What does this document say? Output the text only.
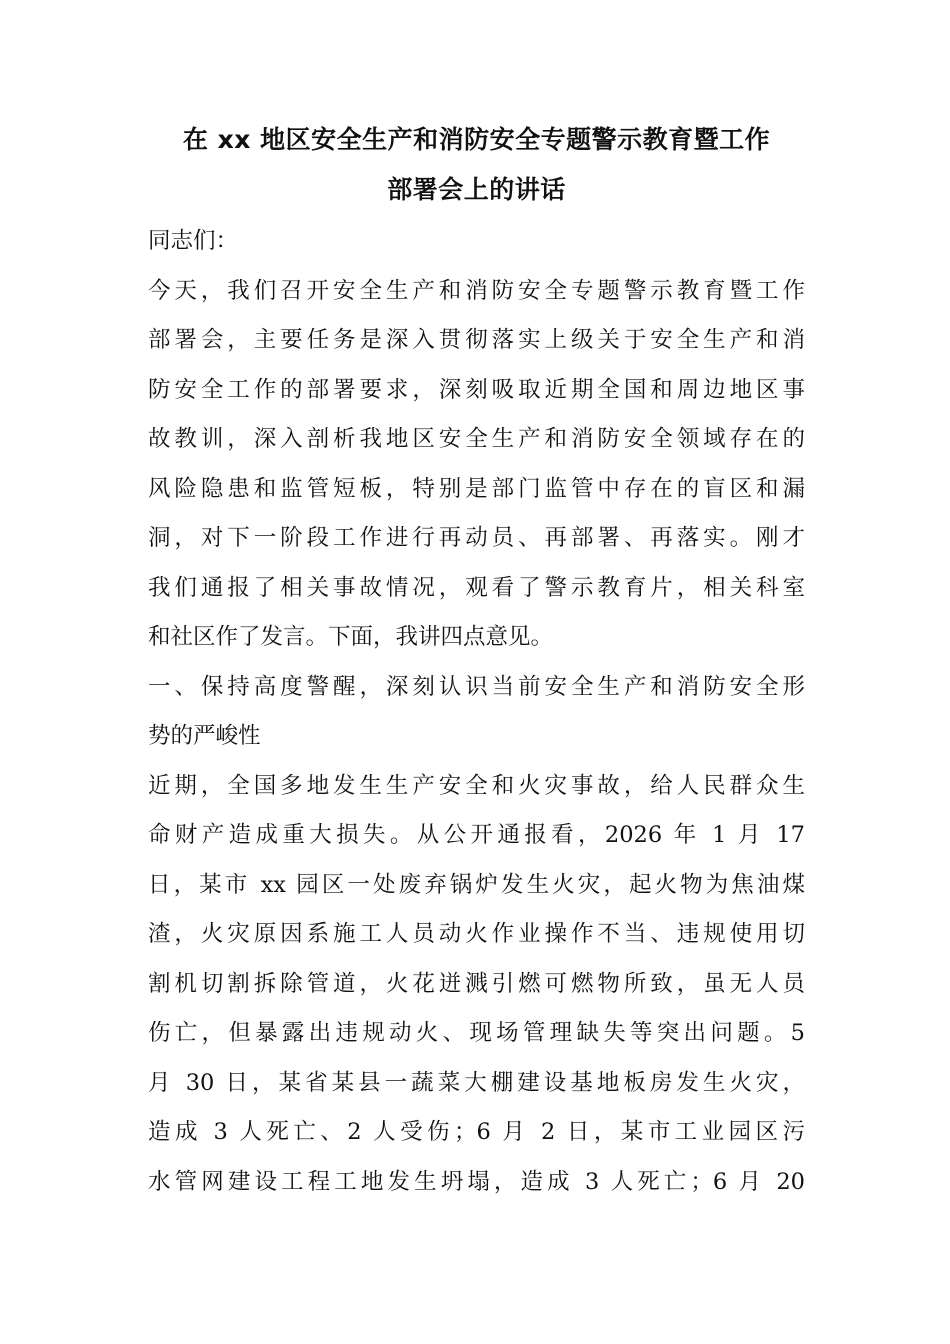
在 xx 地区安全生产和消防安全专题警示教育暨工作
部署会上的讲话

同志们：

今天，我们召开安全生产和消防安全专题警示教育暨工作
部署会，主要任务是深入贯彻落实上级关于安全生产和消
防安全工作的部署要求，深刻吸取近期全国和周边地区事
故教训，深入剖析我地区安全生产和消防安全领域存在的
风险隐患和监管短板，特别是部门监管中存在的盲区和漏
洞，对下一阶段工作进行再动员、再部署、再落实。刚才
我们通报了相关事故情况，观看了警示教育片，相关科室
和社区作了发言。下面，我讲四点意见。
一、保持高度警醒，深刻认识当前安全生产和消防安全形
势的严峻性
近期，全国多地发生生产安全和火灾事故，给人民群众生
命财产造成重大损失。从公开通报看，2026 年 1 月 17
日，某市 xx 园区一处废弃锅炉发生火灾，起火物为焦油煤
渣，火灾原因系施工人员动火作业操作不当、违规使用切
割机切割拆除管道，火花迸溅引燃可燃物所致，虽无人员
伤亡，但暴露出违规动火、现场管理缺失等突出问题。5
月 30 日，某省某县一蔬菜大棚建设基地板房发生火灾，
造成 3 人死亡、2 人受伤；6 月 2 日，某市工业园区污
水管网建设工程工地发生坍塌，造成 3 人死亡；6 月 20
